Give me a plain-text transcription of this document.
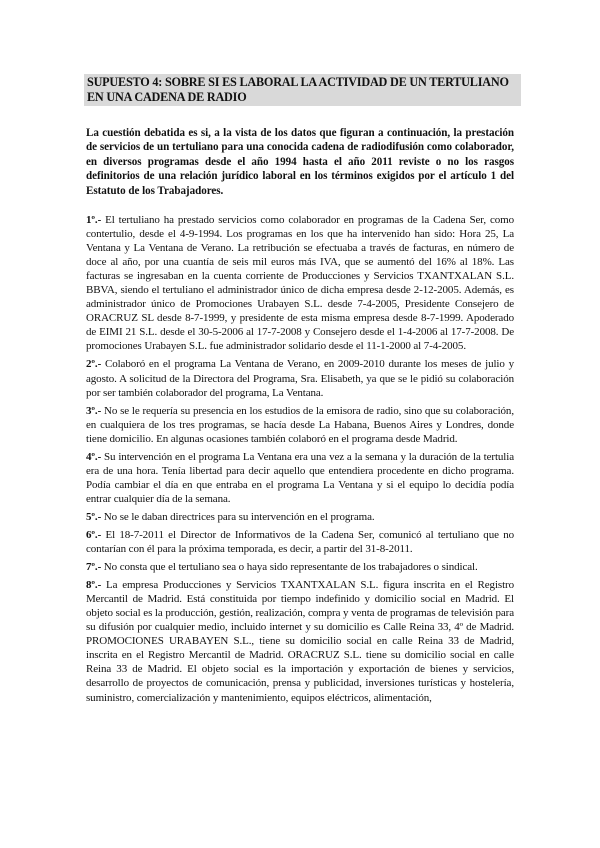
SUPUESTO 4: SOBRE SI ES LABORAL LA ACTIVIDAD DE UN TERTULIANO EN UNA CADENA DE RADIO
La cuestión debatida es si, a la vista de los datos que figuran a continuación, la prestación de servicios de un tertuliano para una conocida cadena de radiodifusión como colaborador, en diversos programas desde el año 1994 hasta el año 2011 reviste o no los rasgos definitorios de una relación jurídico laboral en los términos exigidos por el artículo 1 del Estatuto de los Trabajadores.

1º.- El tertuliano ha prestado servicios como colaborador en programas de la Cadena Ser, como contertulio, desde el 4-9-1994. Los programas en los que ha intervenido han sido: Hora 25, La Ventana y La Ventana de Verano. La retribución se efectuaba a través de facturas, en número de doce al año, por una cuantía de seis mil euros más IVA, que se aumentó del 16% al 18%. Las facturas se ingresaban en la cuenta corriente de Producciones y Servicios TXANTXALAN S.L. BBVA, siendo el tertuliano el administrador único de dicha empresa desde 2-12-2005. Además, es administrador único de Promociones Urabayen S.L. desde 7-4-2005, Presidente Consejero de ORACRUZ SL desde 8-7-1999, y presidente de esta misma empresa desde 8-7-1999. Apoderado de EIMI 21 S.L. desde el 30-5-2006 al 17-7-2008 y Consejero desde el 1-4-2006 al 17-7-2008. De promociones Urabayen S.L. fue administrador solidario desde el 11-1-2000 al 7-4-2005.

2º.- Colaboró en el programa La Ventana de Verano, en 2009-2010 durante los meses de julio y agosto. A solicitud de la Directora del Programa, Sra. Elisabeth, ya que se le pidió su colaboración por ser también colaborador del programa, La Ventana.

3º.- No se le requería su presencia en los estudios de la emisora de radio, sino que su colaboración, en cualquiera de los tres programas, se hacía desde La Habana, Buenos Aires y Londres, donde tiene domicilio. En algunas ocasiones también colaboró en el programa desde Madrid.

4º.- Su intervención en el programa La Ventana era una vez a la semana y la duración de la tertulia era de una hora. Tenía libertad para decir aquello que entendiera procedente en dicho programa. Podía cambiar el día en que entraba en el programa La Ventana y si el equipo lo decidía podía entrar cualquier día de la semana.

5º.- No se le daban directrices para su intervención en el programa.

6º.- El 18-7-2011 el Director de Informativos de la Cadena Ser, comunicó al tertuliano que no contarían con él para la próxima temporada, es decir, a partir del 31-8-2011.

7º.- No consta que el tertuliano sea o haya sido representante de los trabajadores o sindical.

8º.- La empresa Producciones y Servicios TXANTXALAN S.L. figura inscrita en el Registro Mercantil de Madrid. Está constituida por tiempo indefinido y domicilio social en Madrid. El objeto social es la producción, gestión, realización, compra y venta de programas de televisión para su difusión por cualquier medio, incluido internet y su domicilio es Calle Reina 33, 4º de Madrid. PROMOCIONES URABAYEN S.L., tiene su domicilio social en calle Reina 33 de Madrid, inscrita en el Registro Mercantil de Madrid. ORACRUZ S.L. tiene su domicilio social en calle Reina 33 de Madrid. El objeto social es la importación y exportación de bienes y servicios, desarrollo de proyectos de comunicación, prensa y publicidad, inversiones turísticas y hostelería, suministro, comercialización y mantenimiento, equipos eléctricos, alimentación,
